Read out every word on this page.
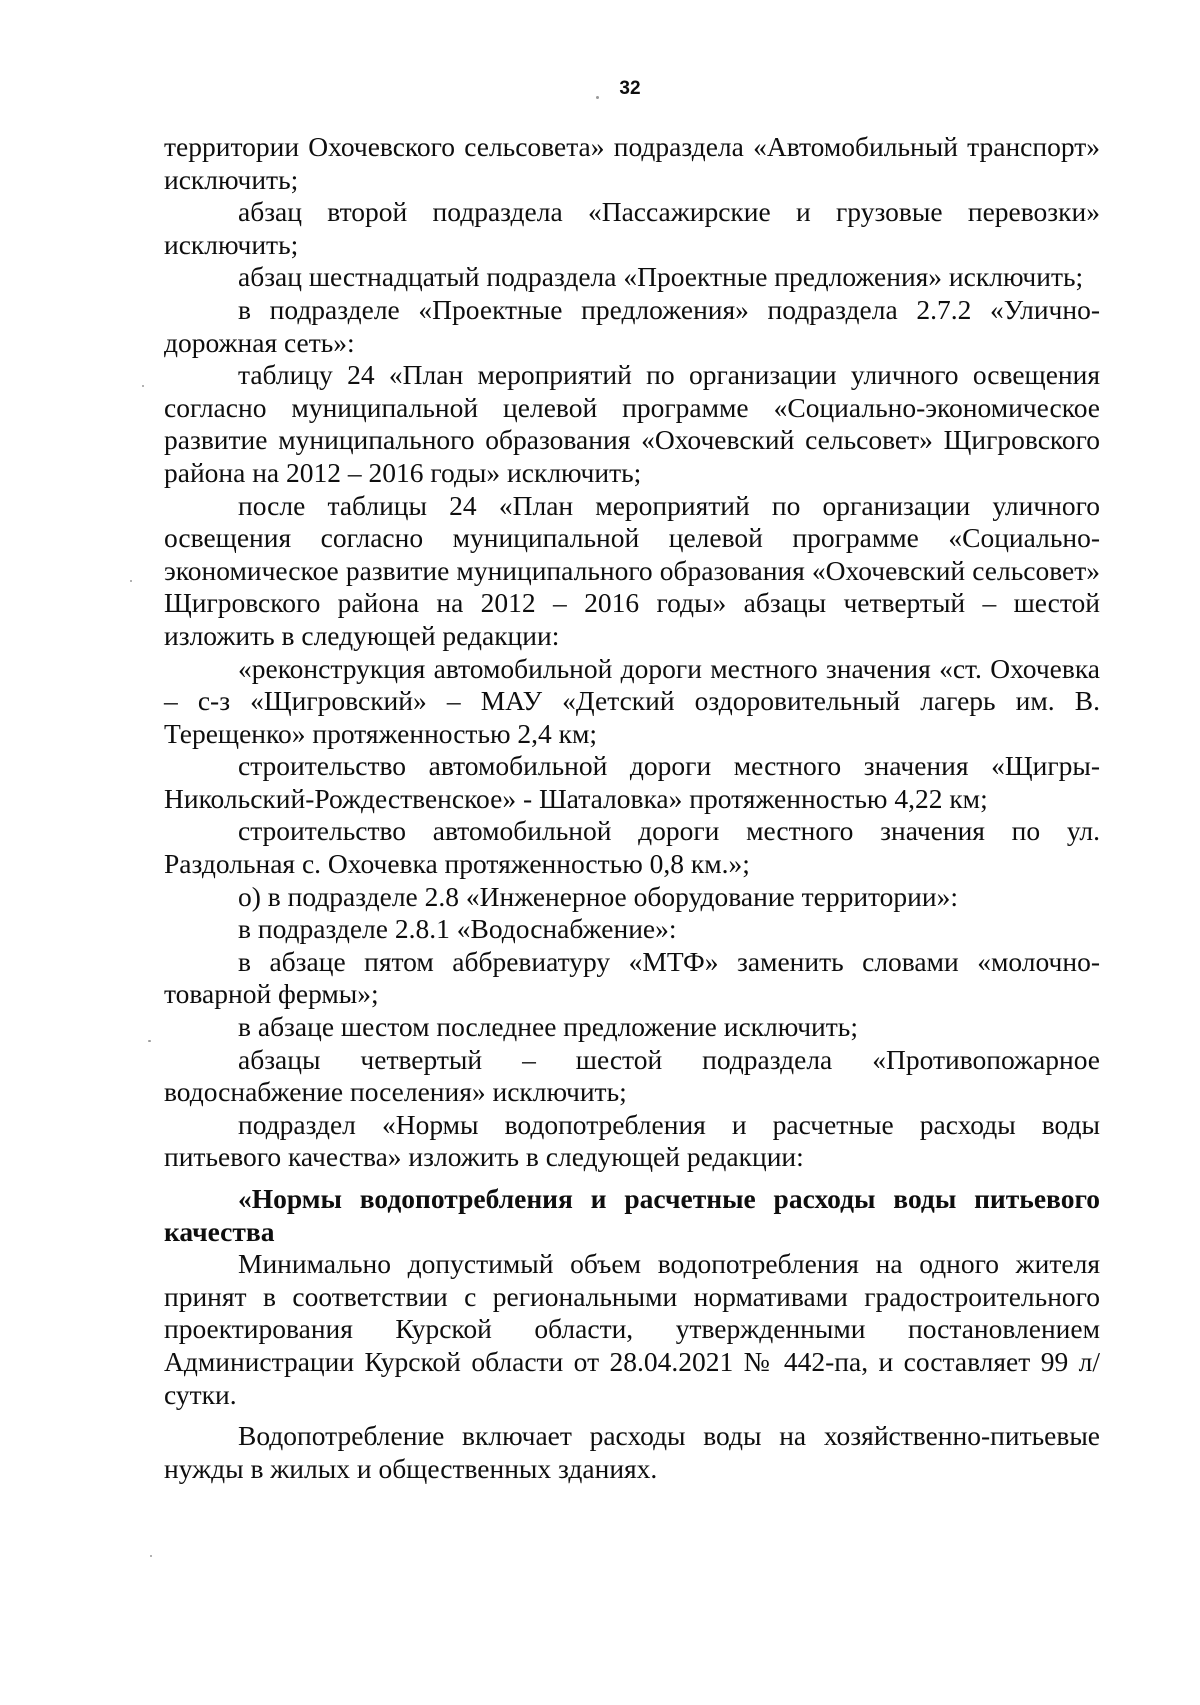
32

территории Охочевского сельсовета» подраздела «Автомобильный транспорт» исключить;

абзац второй подраздела «Пассажирские и грузовые перевозки» исключить;

абзац шестнадцатый подраздела «Проектные предложения» исключить;

в подразделе «Проектные предложения» подраздела 2.7.2 «Улично-дорожная сеть»:

таблицу 24 «План мероприятий по организации уличного освещения согласно муниципальной целевой программе «Социально-экономическое развитие муниципального образования «Охочевский сельсовет» Щигровского района на 2012 – 2016 годы» исключить;

после таблицы 24 «План мероприятий по организации уличного освещения согласно муниципальной целевой программе «Социально-экономическое развитие муниципального образования «Охочевский сельсовет» Щигровского района на 2012 – 2016 годы» абзацы четвертый – шестой изложить в следующей редакции:

«реконструкция автомобильной дороги местного значения «ст. Охочевка – с-з «Щигровский» – МАУ «Детский оздоровительный лагерь им. В. Терещенко» протяженностью 2,4 км;

строительство автомобильной дороги местного значения «Щигры-Никольский-Рождественское» - Шаталовка» протяженностью 4,22 км;

строительство автомобильной дороги местного значения по ул. Раздольная с. Охочевка протяженностью 0,8 км.»;

о) в подразделе 2.8 «Инженерное оборудование территории»:

в подразделе 2.8.1 «Водоснабжение»:

в абзаце пятом аббревиатуру «МТФ» заменить словами «молочно-товарной фермы»;

в абзаце шестом последнее предложение исключить;

абзацы четвертый – шестой подраздела «Противопожарное водоснабжение поселения» исключить;

подраздел «Нормы водопотребления и расчетные расходы воды питьевого качества» изложить в следующей редакции:

«Нормы водопотребления и расчетные расходы воды питьевого качества

Минимально допустимый объем водопотребления на одного жителя принят в соответствии с региональными нормативами градостроительного проектирования Курской области, утвержденными постановлением Администрации Курской области от 28.04.2021 № 442-па, и составляет 99 л/сутки.

Водопотребление включает расходы воды на хозяйственно-питьевые нужды в жилых и общественных зданиях.
